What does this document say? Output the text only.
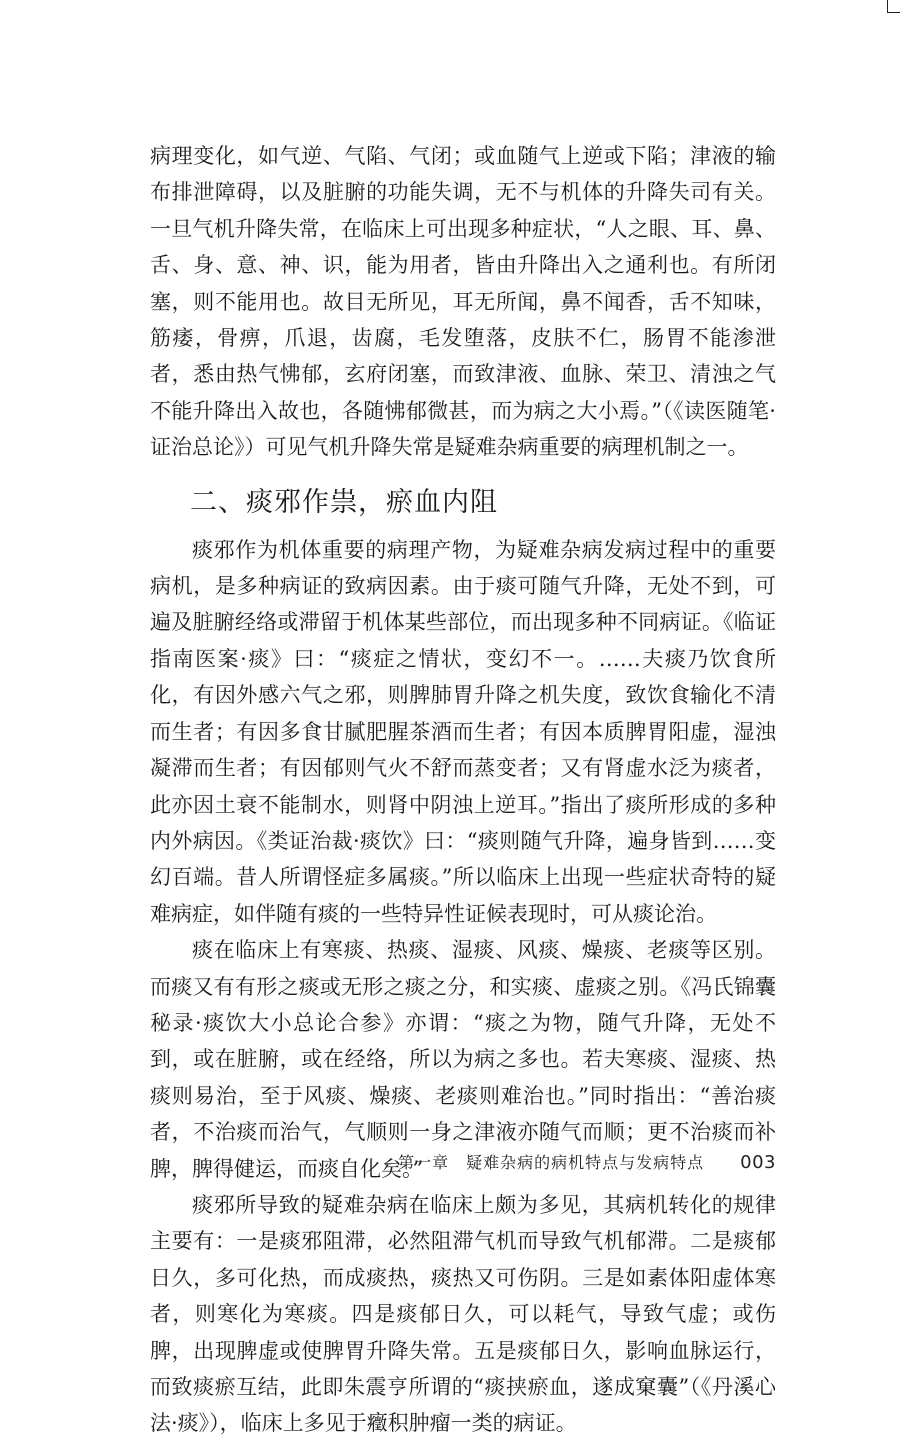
病理变化，如气逆、气陷、气闭；或血随气上逆或下陷；津液的输布排泄障碍，以及脏腑的功能失调，无不与机体的升降失司有关。一旦气机升降失常，在临床上可出现多种症状，“人之眼、耳、鼻、舌、身、意、神、识，能为用者，皆由升降出入之通利也。有所闭塞，则不能用也。故目无所见，耳无所闻，鼻不闻香，舌不知味，筋痿，骨痹，爪退，齿腐，毛发堕落，皮肤不仁，肠胃不能渗泄者，悉由热气怫郁，玄府闭塞，而致津液、血脉、荣卫、清浊之气不能升降出入故也，各随怫郁微甚，而为病之大小焉。”（《读医随笔·证治总论》）可见气机升降失常是疑难杂病重要的病理机制之一。

二、痰邪作祟，瘀血内阻

痰邪作为机体重要的病理产物，为疑难杂病发病过程中的重要病机，是多种病证的致病因素。由于痰可随气升降，无处不到，可遍及脏腑经络或滞留于机体某些部位，而出现多种不同病证。《临证指南医案·痰》曰：“痰症之情状，变幻不一。……夫痰乃饮食所化，有因外感六气之邪，则脾肺胃升降之机失度，致饮食输化不清而生者；有因多食甘腻肥腥茶酒而生者；有因本质脾胃阳虚，湿浊凝滞而生者；有因郁则气火不舒而蒸变者；又有肾虚水泛为痰者，此亦因土衰不能制水，则肾中阴浊上逆耳。”指出了痰所形成的多种内外病因。《类证治裁·痰饮》曰：“痰则随气升降，遍身皆到……变幻百端。昔人所谓怪症多属痰。”所以临床上出现一些症状奇特的疑难病症，如伴随有痰的一些特异性证候表现时，可从痰论治。

痰在临床上有寒痰、热痰、湿痰、风痰、燥痰、老痰等区别。而痰又有有形之痰或无形之痰之分，和实痰、虚痰之别。《冯氏锦囊秘录·痰饮大小总论合参》亦谓：“痰之为物，随气升降，无处不到，或在脏腑，或在经络，所以为病之多也。若夫寒痰、湿痰、热痰则易治，至于风痰、燥痰、老痰则难治也。”同时指出：“善治痰者，不治痰而治气，气顺则一身之津液亦随气而顺；更不治痰而补脾，脾得健运，而痰自化矣。”

痰邪所导致的疑难杂病在临床上颇为多见，其病机转化的规律主要有：一是痰邪阻滞，必然阻滞气机而导致气机郁滞。二是痰郁日久，多可化热，而成痰热，痰热又可伤阴。三是如素体阳虚体寒者，则寒化为寒痰。四是痰郁日久，可以耗气，导致气虚；或伤脾，出现脾虚或使脾胃升降失常。五是痰郁日久，影响血脉运行，而致痰瘀互结，此即朱震亨所谓的“痰挟瘀血，遂成窠囊”（《丹溪心法·痰》），临床上多见于癥积肿瘤一类的病证。

第一章　疑难杂病的病机特点与发病特点 003
